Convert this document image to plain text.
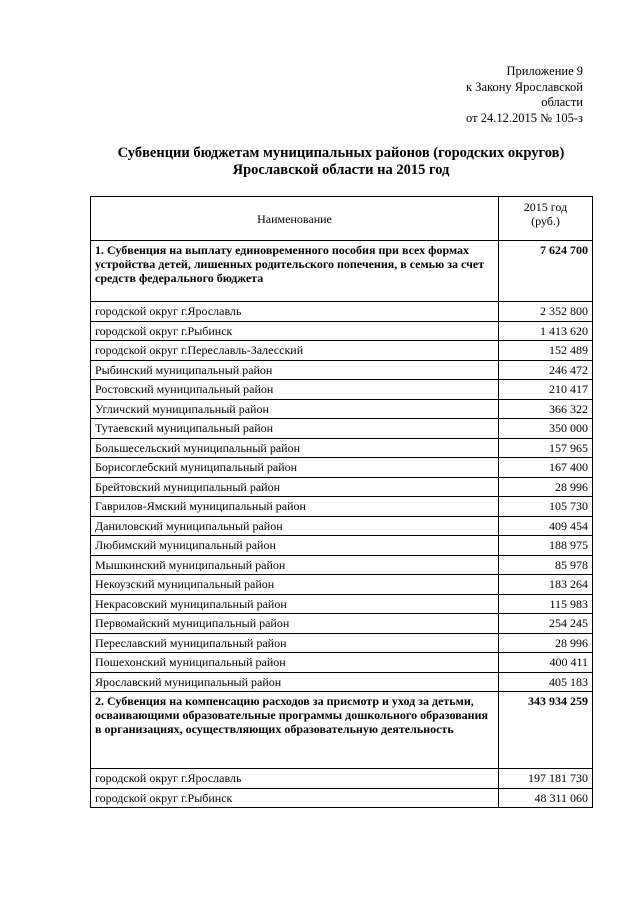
Приложение 9
к Закону Ярославской
области
от 24.12.2015 № 105-з
Субвенции бюджетам муниципальных районов (городских округов)
Ярославской области на 2015 год
Наименование	2015 год
(руб.)

1. Субвенция на выплату единовременного пособия при всех формах устройства детей, лишенных родительского попечения, в семью за счет средств федерального бюджета	7 624 700
городской округ г.Ярославль	2 352 800
городской округ г.Рыбинск	1 413 620
городской округ г.Переславль-Залесский	152 489
Рыбинский муниципальный район	246 472
Ростовский муниципальный район	210 417
Угличский муниципальный район	366 322
Тутаевский муниципальный район	350 000
Большесельский муниципальный район	157 965
Борисоглебский муниципальный район	167 400
Брейтовский муниципальный район	28 996
Гаврилов-Ямский муниципальный район	105 730
Даниловский муниципальный район	409 454
Любимский муниципальный район	188 975
Мышкинский муниципальный район	85 978
Некоузский муниципальный район	183 264
Некрасовский муниципальный район	115 983
Первомайский муниципальный район	254 245
Переславский муниципальный район	28 996
Пошехонский муниципальный район	400 411
Ярославский муниципальный район	405 183
2. Субвенция на компенсацию расходов за присмотр и уход за детьми, осваивающими образовательные программы дошкольного образования в организациях, осуществляющих образовательную деятельность	343 934 259
городской округ г.Ярославль	197 181 730
городской округ г.Рыбинск	48 311 060
